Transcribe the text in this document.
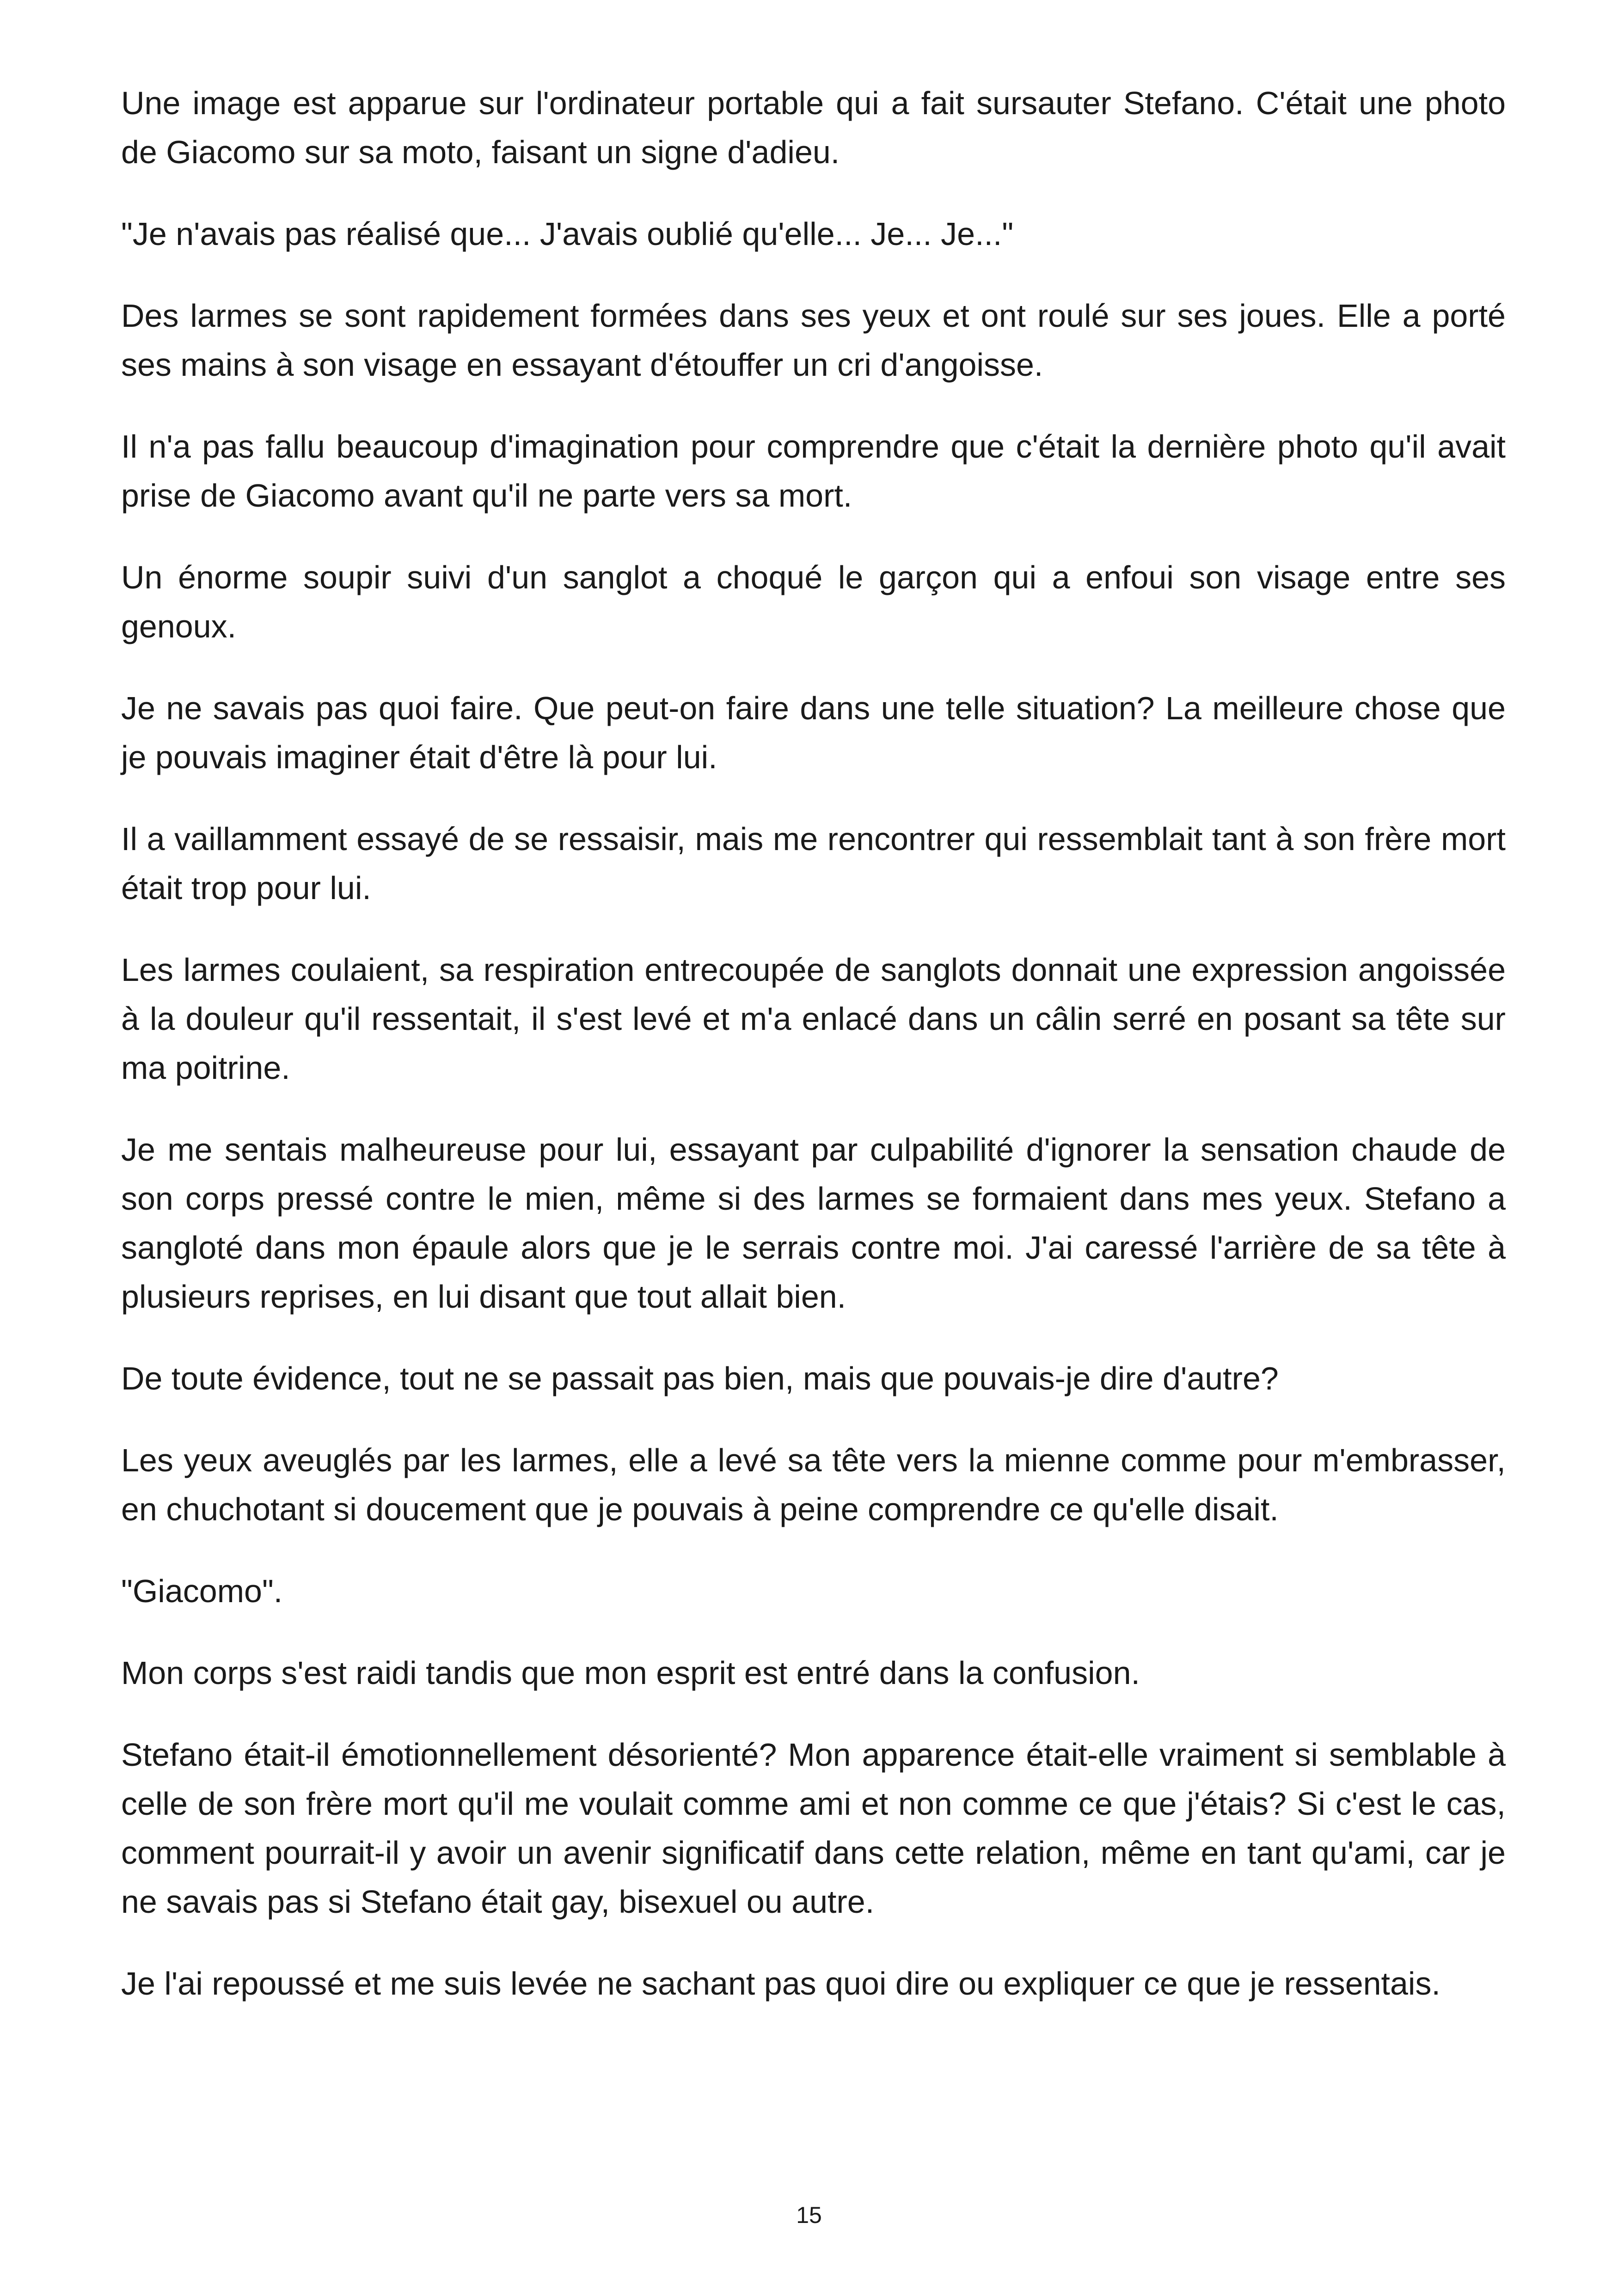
Une image est apparue sur l'ordinateur portable qui a fait sursauter Stefano. C'était une photo de Giacomo sur sa moto, faisant un signe d'adieu.

"Je n'avais pas réalisé que... J'avais oublié qu'elle... Je... Je..."

Des larmes se sont rapidement formées dans ses yeux et ont roulé sur ses joues. Elle a porté ses mains à son visage en essayant d'étouffer un cri d'angoisse.

Il n'a pas fallu beaucoup d'imagination pour comprendre que c'était la dernière photo qu'il avait prise de Giacomo avant qu'il ne parte vers sa mort.

Un énorme soupir suivi d'un sanglot a choqué le garçon qui a enfoui son visage entre ses genoux.

Je ne savais pas quoi faire. Que peut-on faire dans une telle situation? La meilleure chose que je pouvais imaginer était d'être là pour lui.

Il a vaillamment essayé de se ressaisir, mais me rencontrer qui ressemblait tant à son frère mort était trop pour lui.

Les larmes coulaient, sa respiration entrecoupée de sanglots donnait une expression angoissée à la douleur qu'il ressentait, il s'est levé et m'a enlacé dans un câlin serré en posant sa tête sur ma poitrine.

Je me sentais malheureuse pour lui, essayant par culpabilité d'ignorer la sensation chaude de son corps pressé contre le mien, même si des larmes se formaient dans mes yeux. Stefano a sangloté dans mon épaule alors que je le serrais contre moi. J'ai caressé l'arrière de sa tête à plusieurs reprises, en lui disant que tout allait bien.

De toute évidence, tout ne se passait pas bien, mais que pouvais-je dire d'autre?

Les yeux aveuglés par les larmes, elle a levé sa tête vers la mienne comme pour m'embrasser, en chuchotant si doucement que je pouvais à peine comprendre ce qu'elle disait.

"Giacomo".

Mon corps s'est raidi tandis que mon esprit est entré dans la confusion.

Stefano était-il émotionnellement désorienté? Mon apparence était-elle vraiment si semblable à celle de son frère mort qu'il me voulait comme ami et non comme ce que j'étais? Si c'est le cas, comment pourrait-il y avoir un avenir significatif dans cette relation, même en tant qu'ami, car je ne savais pas si Stefano était gay, bisexuel ou autre.

Je l'ai repoussé et me suis levée ne sachant pas quoi dire ou expliquer ce que je ressentais.

15
